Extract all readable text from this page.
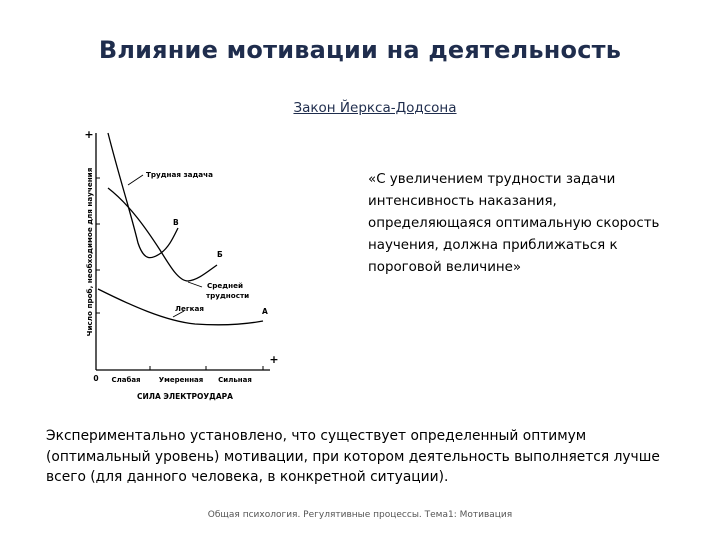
Влияние мотивации на деятельность
Закон Йеркса-Додсона
+
+
0
Число проб, необходимое для научения
Слабая	Умеренная Сильная
СИЛА ЭЛЕКТРОУДАРА
Трудная задача
В
Средней
трудности
Б
Легкая	А
«С увеличением трудности задачи интенсивность наказания, определяющаяся оптимальную скорость научения, должна приближаться к пороговой величине»
Экспериментально установлено, что существует определенный оптимум (оптимальный уровень) мотивации, при котором деятельность выполняется лучше всего (для данного человека, в конкретной ситуации).
Общая психология. Регулятивные процессы. Тема1: Мотивация
